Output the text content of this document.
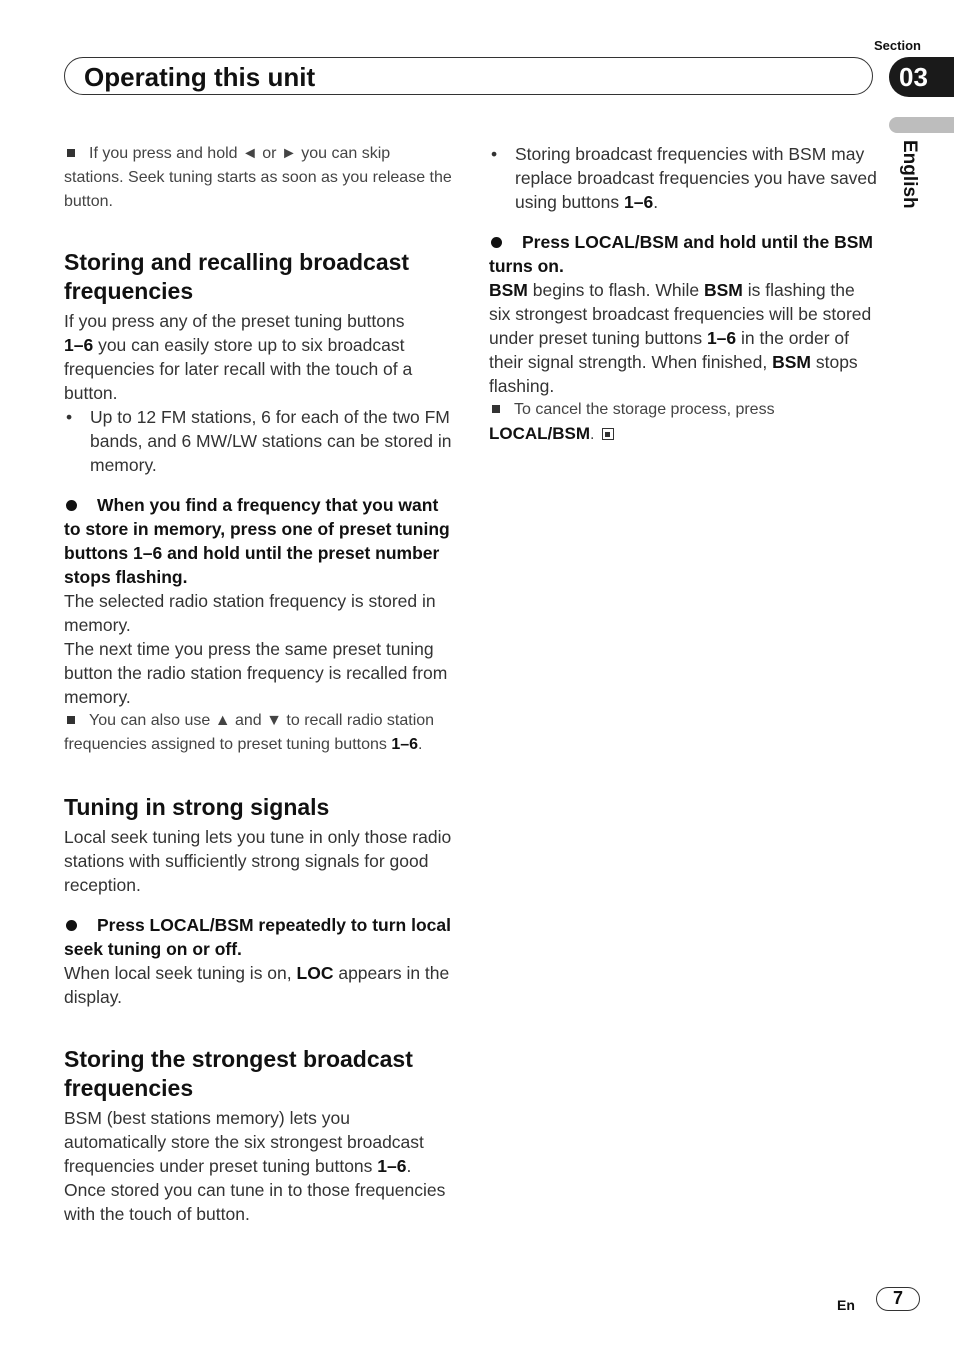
Section
Operating this unit	03
English

If you press and hold ◄ or ► you can skip stations. Seek tuning starts as soon as you release the button.

Storing and recalling broadcast frequencies

If you press any of the preset tuning buttons
1–6 you can easily store up to six broadcast frequencies for later recall with the touch of a button.

• Up to 12 FM stations, 6 for each of the two FM bands, and 6 MW/LW stations can be stored in memory.

When you find a frequency that you want to store in memory, press one of preset tuning buttons 1–6 and hold until the preset number stops flashing.

The selected radio station frequency is stored in memory.

The next time you press the same preset tuning button the radio station frequency is recalled from memory.

You can also use ▲ and ▼ to recall radio station frequencies assigned to preset tuning buttons 1–6.

Tuning in strong signals

Local seek tuning lets you tune in only those radio stations with sufficiently strong signals for good reception.

Press LOCAL/BSM repeatedly to turn local seek tuning on or off.

When local seek tuning is on, LOC appears in the display.

Storing the strongest broadcast frequencies

BSM (best stations memory) lets you automatically store the six strongest broadcast frequencies under preset tuning buttons 1–6. Once stored you can tune in to those frequencies with the touch of button.

• Storing broadcast frequencies with BSM may replace broadcast frequencies you have saved using buttons 1–6.

Press LOCAL/BSM and hold until the BSM turns on.

BSM begins to flash. While BSM is flashing the six strongest broadcast frequencies will be stored under preset tuning buttons 1–6 in the order of their signal strength. When finished, BSM stops flashing.

To cancel the storage process, press
LOCAL/BSM.

En	7
